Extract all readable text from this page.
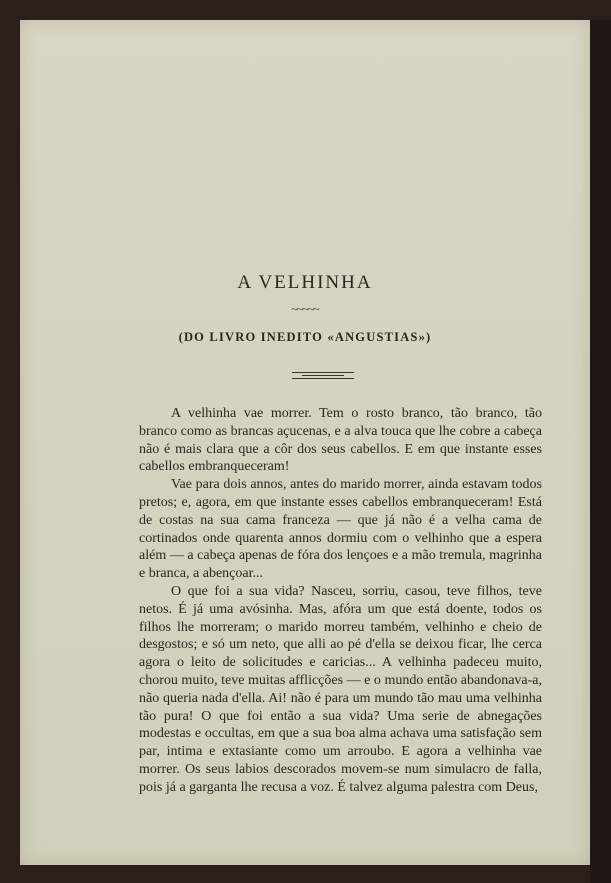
A VELHINHA
~~~~~
(DO LIVRO INEDITO «ANGUSTIAS»)

A velhinha vae morrer. Tem o rosto branco, tão branco, tão branco como as brancas açucenas, e a alva touca que lhe cobre a cabeça não é mais clara que a côr dos seus cabellos. E em que instante esses cabellos embranqueceram!

Vae para dois annos, antes do marido morrer, ainda estavam todos pretos; e, agora, em que instante esses cabellos embranqueceram! Está de costas na sua cama franceza — que já não é a velha cama de cortinados onde quarenta annos dormiu com o velhinho que a espera além — a cabeça apenas de fóra dos lençoes e a mão tremula, magrinha e branca, a abençoar...

O que foi a sua vida? Nasceu, sorriu, casou, teve filhos, teve netos. É já uma avósinha. Mas, afóra um que está doente, todos os filhos lhe morreram; o marido morreu também, velhinho e cheio de desgostos; e só um neto, que alli ao pé d'ella se deixou ficar, lhe cerca agora o leito de solicitudes e caricias... A velhinha padeceu muito, chorou muito, teve muitas afflicções — e o mundo então abandonava-a, não queria nada d'ella. Ai! não é para um mundo tão mau uma velhinha tão pura! O que foi então a sua vida? Uma serie de abnegações modestas e occultas, em que a sua boa alma achava uma satisfação sem par, intima e extasiante como um arroubo. E agora a velhinha vae morrer. Os seus labios descorados movem-se num simulacro de falla, pois já a garganta lhe recusa a voz. É talvez alguma palestra com Deus,
